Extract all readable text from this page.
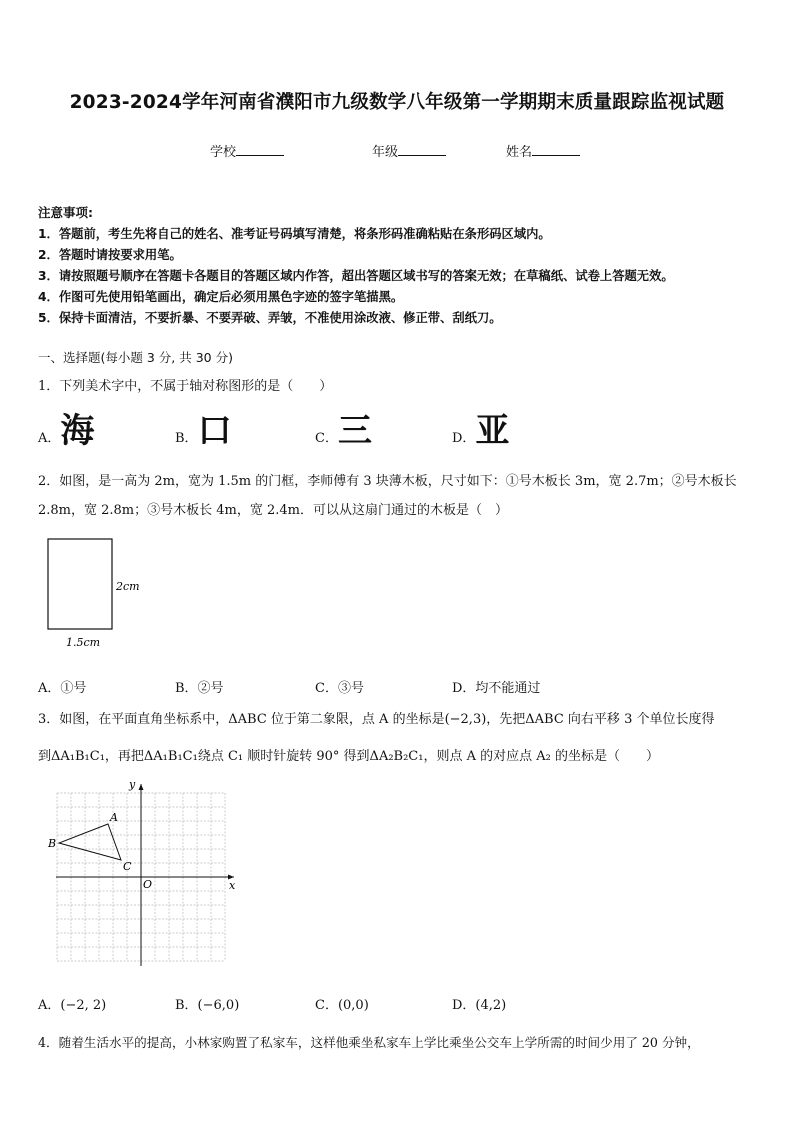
2023-2024学年河南省濮阳市九级数学八年级第一学期期末质量跟踪监视试题
学校	年级	姓名
注意事项:
1．答题前，考生先将自己的姓名、准考证号码填写清楚，将条形码准确粘贴在条形码区域内。
2．答题时请按要求用笔。
3．请按照题号顺序在答题卡各题目的答题区域内作答，超出答题区域书写的答案无效；在草稿纸、试卷上答题无效。
4．作图可先使用铅笔画出，确定后必须用黑色字迹的签字笔描黑。
5．保持卡面清洁，不要折暴、不要弄破、弄皱，不准使用涂改液、修正带、刮纸刀。
一、选择题(每小题 3 分, 共 30 分)
1．下列美术字中，不属于轴对称图形的是（　　）
A．海	B．口	C．三	D．亚
2．如图，是一高为 2m，宽为 1.5m 的门框，李师傅有 3 块薄木板，尺寸如下：①号木板长 3m，宽 2.7m；②号木板长
2.8m，宽 2.8m；③号木板长 4m，宽 2.4m．可以从这扇门通过的木板是（　）
2cm
1.5cm
A．①号	B．②号	C．③号	D．均不能通过
3．如图，在平面直角坐标系中，ΔABC 位于第二象限，点 A 的坐标是(−2,3)，先把ΔABC 向右平移 3 个单位长度得
到ΔA₁B₁C₁，再把ΔA₁B₁C₁绕点 C₁ 顺时针旋转 90° 得到ΔA₂B₂C₁，则点 A 的对应点 A₂ 的坐标是（　　）
y
x
O
A
B
C
A．(−2, 2)	B．(−6,0)	C．(0,0)	D．(4,2)
4．随着生活水平的提高，小林家购置了私家车，这样他乘坐私家车上学比乘坐公交车上学所需的时间少用了 20 分钟，
